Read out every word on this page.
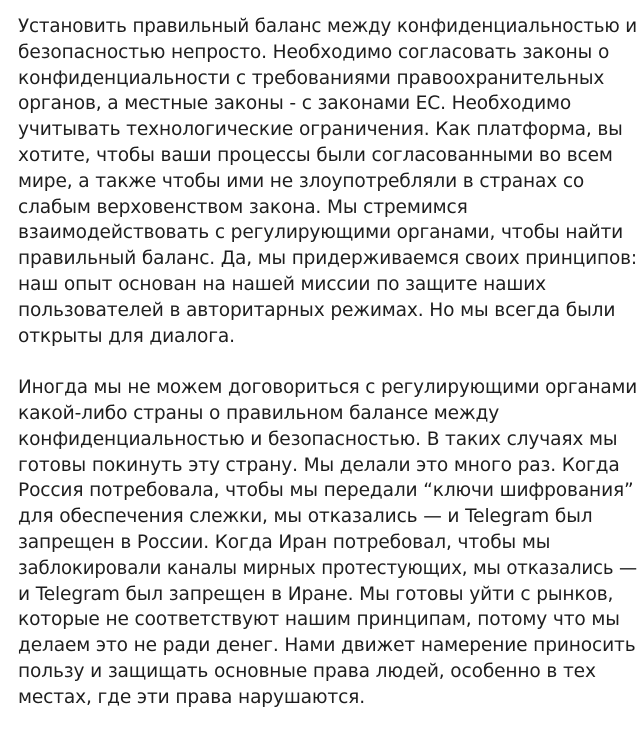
Установить правильный баланс между конфиденциальностью и
безопасностью непросто. Необходимо согласовать законы о
конфиденциальности с требованиями правоохранительных
органов, а местные законы - с законами ЕС. Необходимо
учитывать технологические ограничения. Как платформа, вы
хотите, чтобы ваши процессы были согласованными во всем
мире, а также чтобы ими не злоупотребляли в странах со
слабым верховенством закона. Мы стремимся
взаимодействовать с регулирующими органами, чтобы найти
правильный баланс. Да, мы придерживаемся своих принципов:
наш опыт основан на нашей миссии по защите наших
пользователей в авторитарных режимах. Но мы всегда были
открыты для диалога.

Иногда мы не можем договориться с регулирующими органами
какой-либо страны о правильном балансе между
конфиденциальностью и безопасностью. В таких случаях мы
готовы покинуть эту страну. Мы делали это много раз. Когда
Россия потребовала, чтобы мы передали “ключи шифрования”
для обеспечения слежки, мы отказались — и Telegram был
запрещен в России. Когда Иран потребовал, чтобы мы
заблокировали каналы мирных протестующих, мы отказались —
и Telegram был запрещен в Иране. Мы готовы уйти с рынков,
которые не соответствуют нашим принципам, потому что мы
делаем это не ради денег. Нами движет намерение приносить
пользу и защищать основные права людей, особенно в тех
местах, где эти права нарушаются.
